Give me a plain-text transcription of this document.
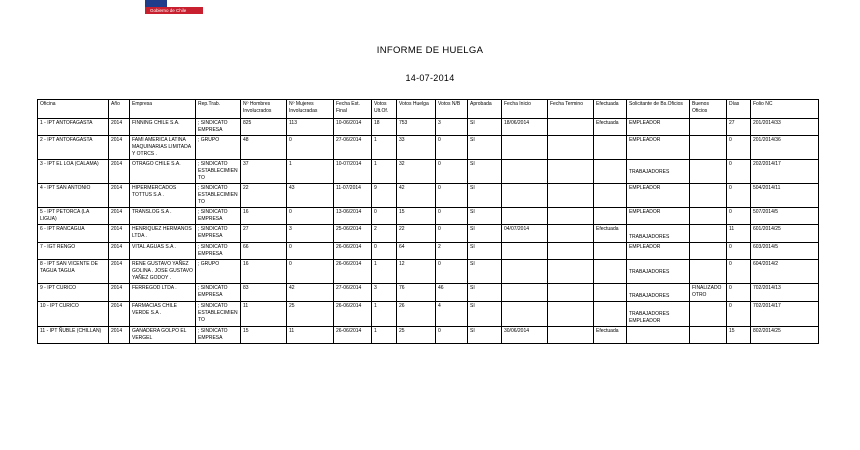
Gobierno de Chile
INFORME DE HUELGA
14-07-2014
Oficina	Año	Empresa	Rep.Trab.	Nº Hombres Involucrados	Nº Mujeres Involucradas	Fecha Est. Final	Votos Ult.Of.	Votos Huelga	Votos N/B	Aprobada	Fecha Inicio	Fecha Termino	Efectuada	Solicitante de Bs.Oficios	Buenos Oficios	Días	Folio NC
1 - IPT ANTOFAGASTA	2014	FINNING CHILE S.A.	; SINDICATO EMPRESA	825	113	10-06/2014	18	753	3	SI	18/06/2014		Efectuada	EMPLEADOR		27	201/2014/33
2 - IPT ANTOFAGASTA	2014	FAMI AMERICA LATINA MAQUINARIAS LIMITADA Y OTRCS .	; GRUPO	48	0	27-06/2014	1	33	0	SI				EMPLEADOR		0	201/2014/36
3 - IPT EL LOA (CALAMA)	2014	OTRAGO CHILE S.A.	; SINDICATO ESTABLECIMIENTO	37	1	10-07/2014	1	32	0	SI				TRABAJADORES		0	202/2014/17
4 - IPT SAN ANTONIO	2014	HIPERMERCADOS TOTTUS S.A .	; SINDICATO ESTABLECIMIENTO	22	43	11-07/2014	9	42	0	SI				EMPLEADOR		0	504/2014/11
5 - IPT PETORCA (LA LIGUA)	2014	TRANSLOG S.A .	; SINDICATO EMPRESA	16	0	13-06/2014	0	15	0	SI				EMPLEADOR		0	507/2014/5
6 - IPT RANCAGUA	2014	HENRIQUEZ HERMANOS LTDA .	; SINDICATO EMPRESA	27	3	25-06/2014	2	22	0	SI	04/07/2014		Efectuada	TRABAJADORES		11	601/2014/25
7 - IGT RENGO	2014	VITAL AGUAS S.A .	; SINDICATO EMPRESA	66	0	26-06/2014	0	64	2	SI				EMPLEADOR		0	603/2014/5
8 - IPT SAN VICENTE DE TAGUA TAGUA	2014	RENE GUSTAVO YAÑEZ GOLINA . JOSE GUSTAVO YAÑEZ GODOY .	; GRUPO	16	0	26-06/2014	1	12	0	SI				TRABAJADORES		0	604/2014/2
9 - IPT CURICO	2014	FERREGOD LTDA .	; SINDICATO EMPRESA	83	42	27-06/2014	3	76	46	SI				TRABAJADORES	FINALIZADO OTRO	0	702/2014/13
10 - IPT CURICO	2014	FARMACIAS CHILE VERDE S.A .	; SINDICATO ESTABLECIMIENTO	11	25	26-06/2014	1	26	4	SI				TRABAJADORES EMPLEADOR		0	702/2014/17
11 - IPT ÑUBLE (CHILLAN)	2014	GANADERA GOLPO EL VERGEL	; SINDICATO EMPRESA	15	11	26-06/2014	1	25	0	SI	30/06/2014		Efectuada			15	802/2014/25
